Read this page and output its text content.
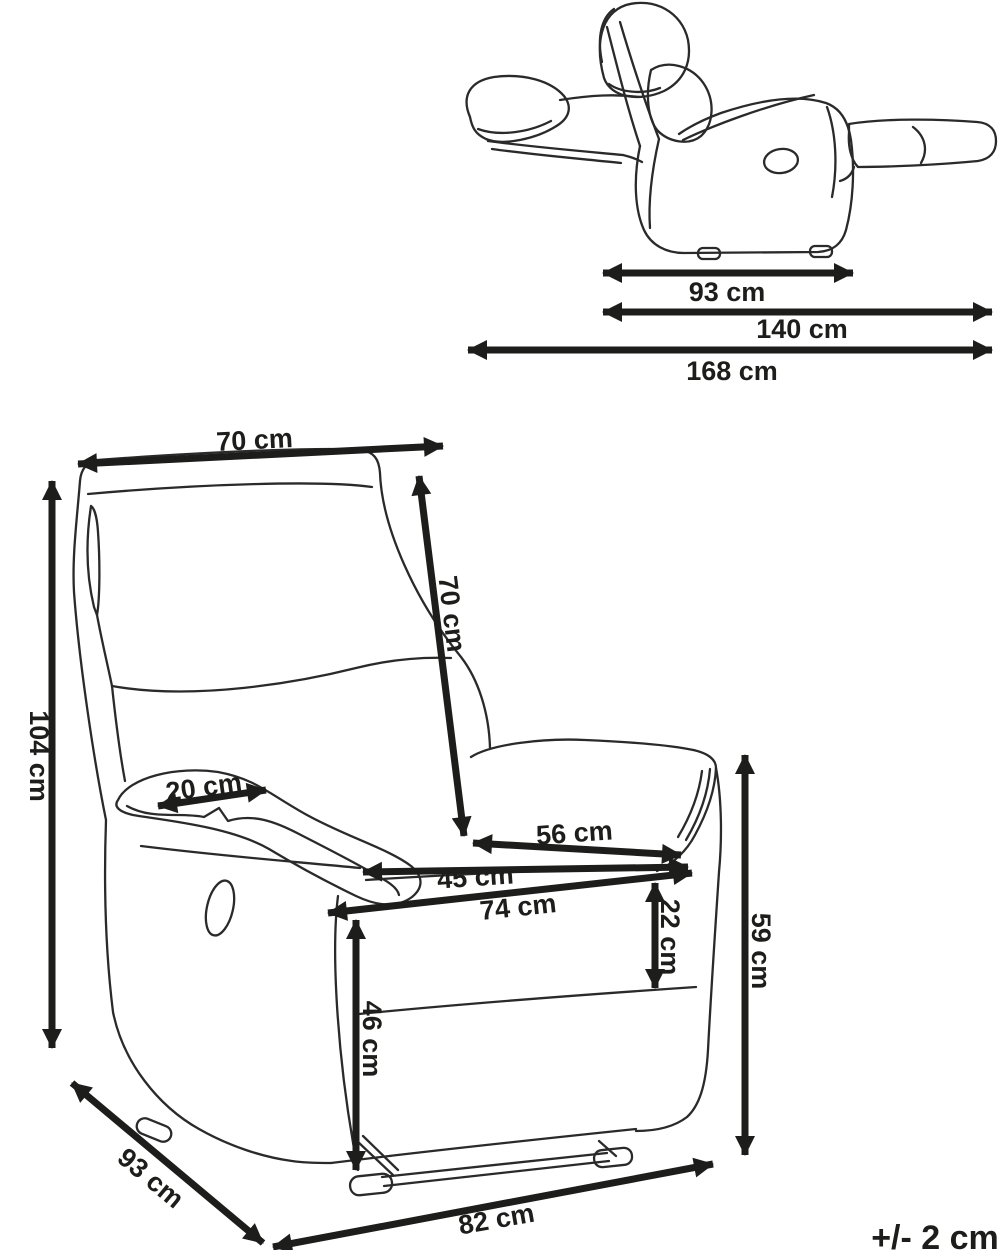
93 cm
140 cm
168 cm
70 cm
104 cm
70 cm
20 cm
56 cm
45 cm
74 cm	22 cm
46 cm
59 cm
93 cm
82 cm	+/- 2 cm
